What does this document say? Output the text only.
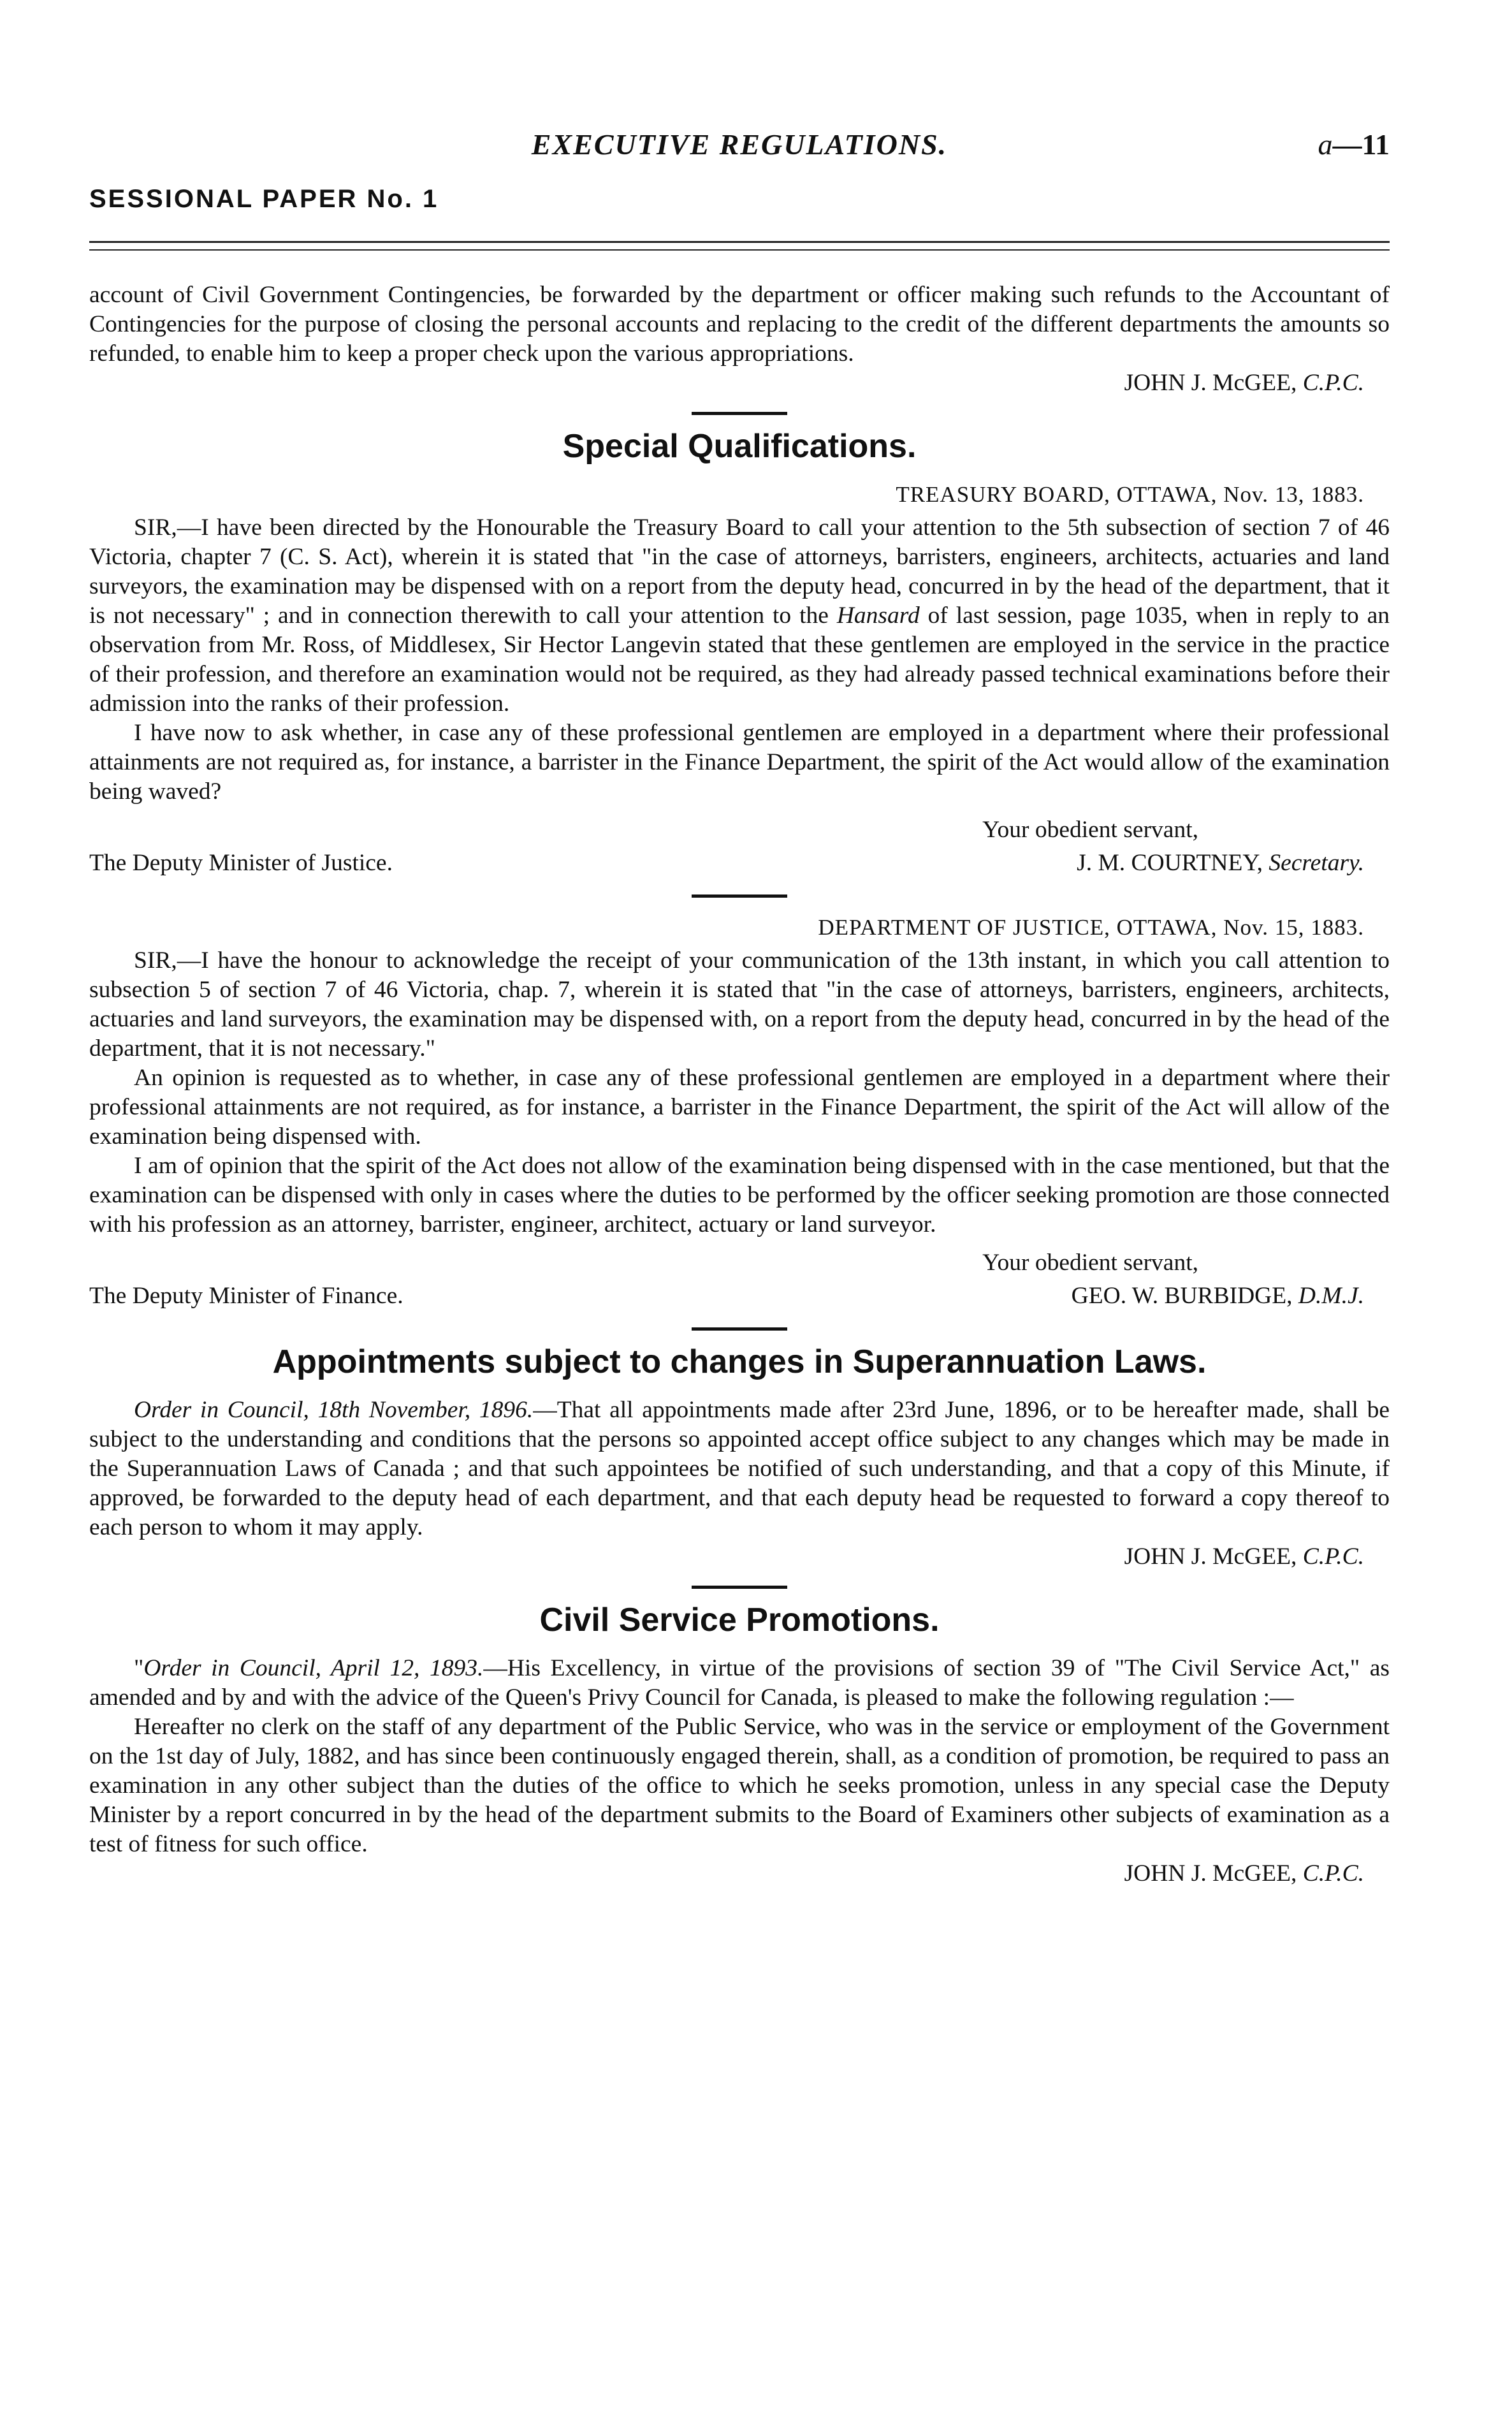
EXECUTIVE REGULATIONS.	a—11
SESSIONAL PAPER No. 1

account of Civil Government Contingencies, be forwarded by the department or officer making such refunds to the Accountant of Contingencies for the purpose of closing the personal accounts and replacing to the credit of the different departments the amounts so refunded, to enable him to keep a proper check upon the various appropriations.

JOHN J. McGEE, C.P.C.
Special Qualifications.
TREASURY BOARD, OTTAWA, Nov. 13, 1883.

SIR,—I have been directed by the Honourable the Treasury Board to call your attention to the 5th subsection of section 7 of 46 Victoria, chapter 7 (C. S. Act), wherein it is stated that "in the case of attorneys, barristers, engineers, architects, actuaries and land surveyors, the examination may be dispensed with on a report from the deputy head, concurred in by the head of the department, that it is not necessary" ; and in connection therewith to call your attention to the Hansard of last session, page 1035, when in reply to an observation from Mr. Ross, of Middlesex, Sir Hector Langevin stated that these gentlemen are employed in the service in the practice of their profession, and therefore an examination would not be required, as they had already passed technical examinations before their admission into the ranks of their profession.

I have now to ask whether, in case any of these professional gentlemen are employed in a department where their professional attainments are not required as, for instance, a barrister in the Finance Department, the spirit of the Act would allow of the examination being waved?

Your obedient servant,
The Deputy Minister of Justice.	J. M. COURTNEY, Secretary.
DEPARTMENT OF JUSTICE, OTTAWA, Nov. 15, 1883.

SIR,—I have the honour to acknowledge the receipt of your communication of the 13th instant, in which you call attention to subsection 5 of section 7 of 46 Victoria, chap. 7, wherein it is stated that "in the case of attorneys, barristers, engineers, architects, actuaries and land surveyors, the examination may be dispensed with, on a report from the deputy head, concurred in by the head of the department, that it is not necessary."

An opinion is requested as to whether, in case any of these professional gentlemen are employed in a department where their professional attainments are not required, as for instance, a barrister in the Finance Department, the spirit of the Act will allow of the examination being dispensed with.

I am of opinion that the spirit of the Act does not allow of the examination being dispensed with in the case mentioned, but that the examination can be dispensed with only in cases where the duties to be performed by the officer seeking promotion are those connected with his profession as an attorney, barrister, engineer, architect, actuary or land surveyor.

Your obedient servant,
The Deputy Minister of Finance.	GEO. W. BURBIDGE, D.M.J.
Appointments subject to changes in Superannuation Laws.

Order in Council, 18th November, 1896.—That all appointments made after 23rd June, 1896, or to be hereafter made, shall be subject to the understanding and conditions that the persons so appointed accept office subject to any changes which may be made in the Superannuation Laws of Canada ; and that such appointees be notified of such understanding, and that a copy of this Minute, if approved, be forwarded to the deputy head of each department, and that each deputy head be requested to forward a copy thereof to each person to whom it may apply.

JOHN J. McGEE, C.P.C.
Civil Service Promotions.

"Order in Council, April 12, 1893.—His Excellency, in virtue of the provisions of section 39 of "The Civil Service Act," as amended and by and with the advice of the Queen's Privy Council for Canada, is pleased to make the following regulation :—

Hereafter no clerk on the staff of any department of the Public Service, who was in the service or employment of the Government on the 1st day of July, 1882, and has since been continuously engaged therein, shall, as a condition of promotion, be required to pass an examination in any other subject than the duties of the office to which he seeks promotion, unless in any special case the Deputy Minister by a report concurred in by the head of the department submits to the Board of Examiners other subjects of examination as a test of fitness for such office.

JOHN J. McGEE, C.P.C.
